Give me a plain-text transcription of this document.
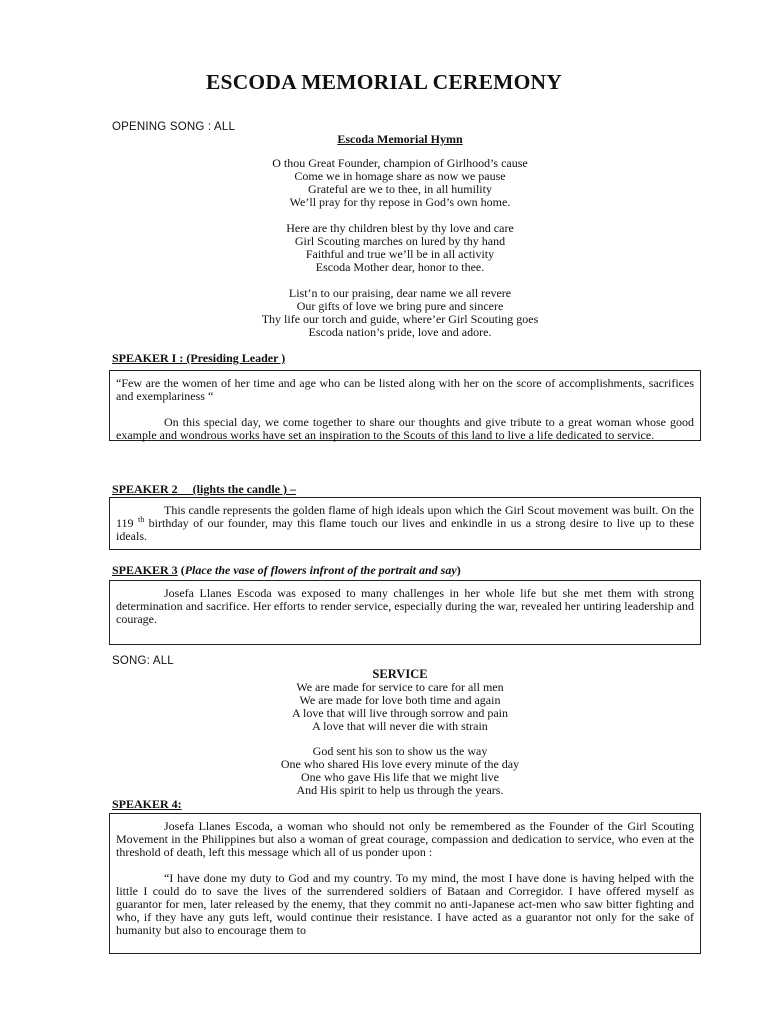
ESCODA MEMORIAL CEREMONY
OPENING SONG : ALL
Escoda Memorial Hymn
O thou Great Founder, champion of Girlhood’s cause
Come we in homage share as now we pause
Grateful are we to thee, in all humility
We’ll pray for thy repose in God’s own home.
Here are thy children blest by thy love and care
Girl Scouting marches on lured by thy hand
Faithful and true we’ll be in all activity
Escoda Mother dear, honor to thee.
List’n to our praising, dear name we all revere
Our gifts of love we bring pure and sincere
Thy life our torch and guide, where’er Girl Scouting goes
Escoda nation’s pride, love and adore.
SPEAKER I : (Presiding Leader )

“Few are the women of her time and age who can be listed along with her on the score of accomplishments, sacrifices and exemplariness “

On this special day, we come together to share our thoughts and give tribute to a great woman whose good example and wondrous works have set an inspiration to the Scouts of this land to live a life dedicated to service.

SPEAKER 2     (lights the candle ) –

This candle represents the golden flame of high ideals upon which the Girl Scout movement was built. On the 119 $^{th}$ birthday of our founder, may this flame touch our lives and enkindle in us a strong desire to live up to these ideals.

SPEAKER 3 (Place the vase of flowers infront of the portrait and say)

Josefa Llanes Escoda was exposed to many challenges in her whole life but she met them with strong determination and sacrifice. Her efforts to render service, especially during the war, revealed her untiring leadership and courage.

SONG: ALL
SERVICE
We are made for service to care for all men
We are made for love both time and again
A love that will live through sorrow and pain
A love that will never die with strain
God sent his son to show us the way
One who shared His love every minute of the day
One who gave His life that we might live
And His spirit to help us through the years.
SPEAKER 4:

Josefa Llanes Escoda, a woman who should not only be remembered as the Founder of the Girl Scouting Movement in the Philippines but also a woman of great courage, compassion and dedication to service, who even at the threshold of death, left this message which all of us ponder upon :

“I have done my duty to God and my country. To my mind, the most I have done is having helped with the little I could do to save the lives of the surrendered soldiers of Bataan and Corregidor. I have offered myself as guarantor for men, later released by the enemy, that they commit no anti-Japanese act-men who saw bitter fighting and who, if they have any guts left, would continue their resistance. I have acted as a guarantor not only for the sake of humanity but also to encourage them to
